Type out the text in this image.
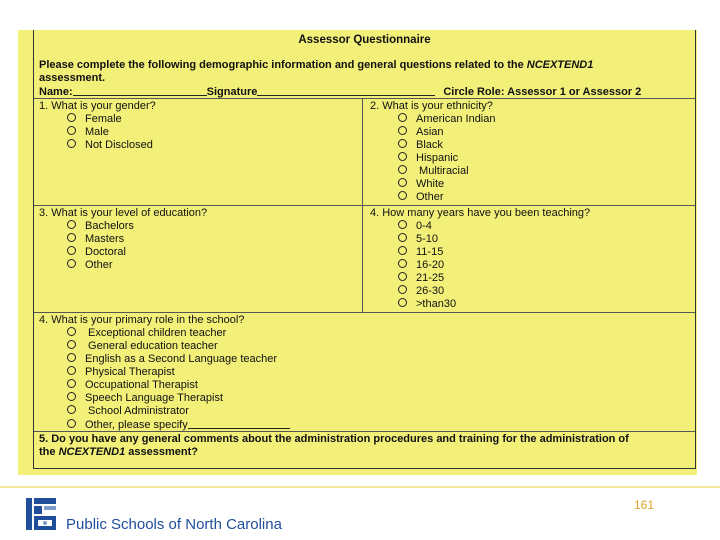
Assessor Questionnaire
Please complete the following demographic information and general questions related to the NCEXTEND1
assessment.
Name:	Signature	Circle Role: Assessor 1 or Assessor 2
1. What is your gender?
Female
Male
Not Disclosed
2. What is your ethnicity?
American Indian
Asian
Black
Hispanic
Multiracial
White
Other
3. What is your level of education?
Bachelors
Masters
Doctoral
Other
4. How many years have you been teaching?
0-4
5-10
11-15
16-20
21-25
26-30
>than30
4. What is your primary role in the school?
Exceptional children teacher
General education teacher
English as a Second Language teacher
Physical Therapist
Occupational Therapist
Speech Language Therapist
School Administrator
Other, please specify
5. Do you have any general comments about the administration procedures and training for the administration of
the NCEXTEND1 assessment?
161
Public Schools of North Carolina
